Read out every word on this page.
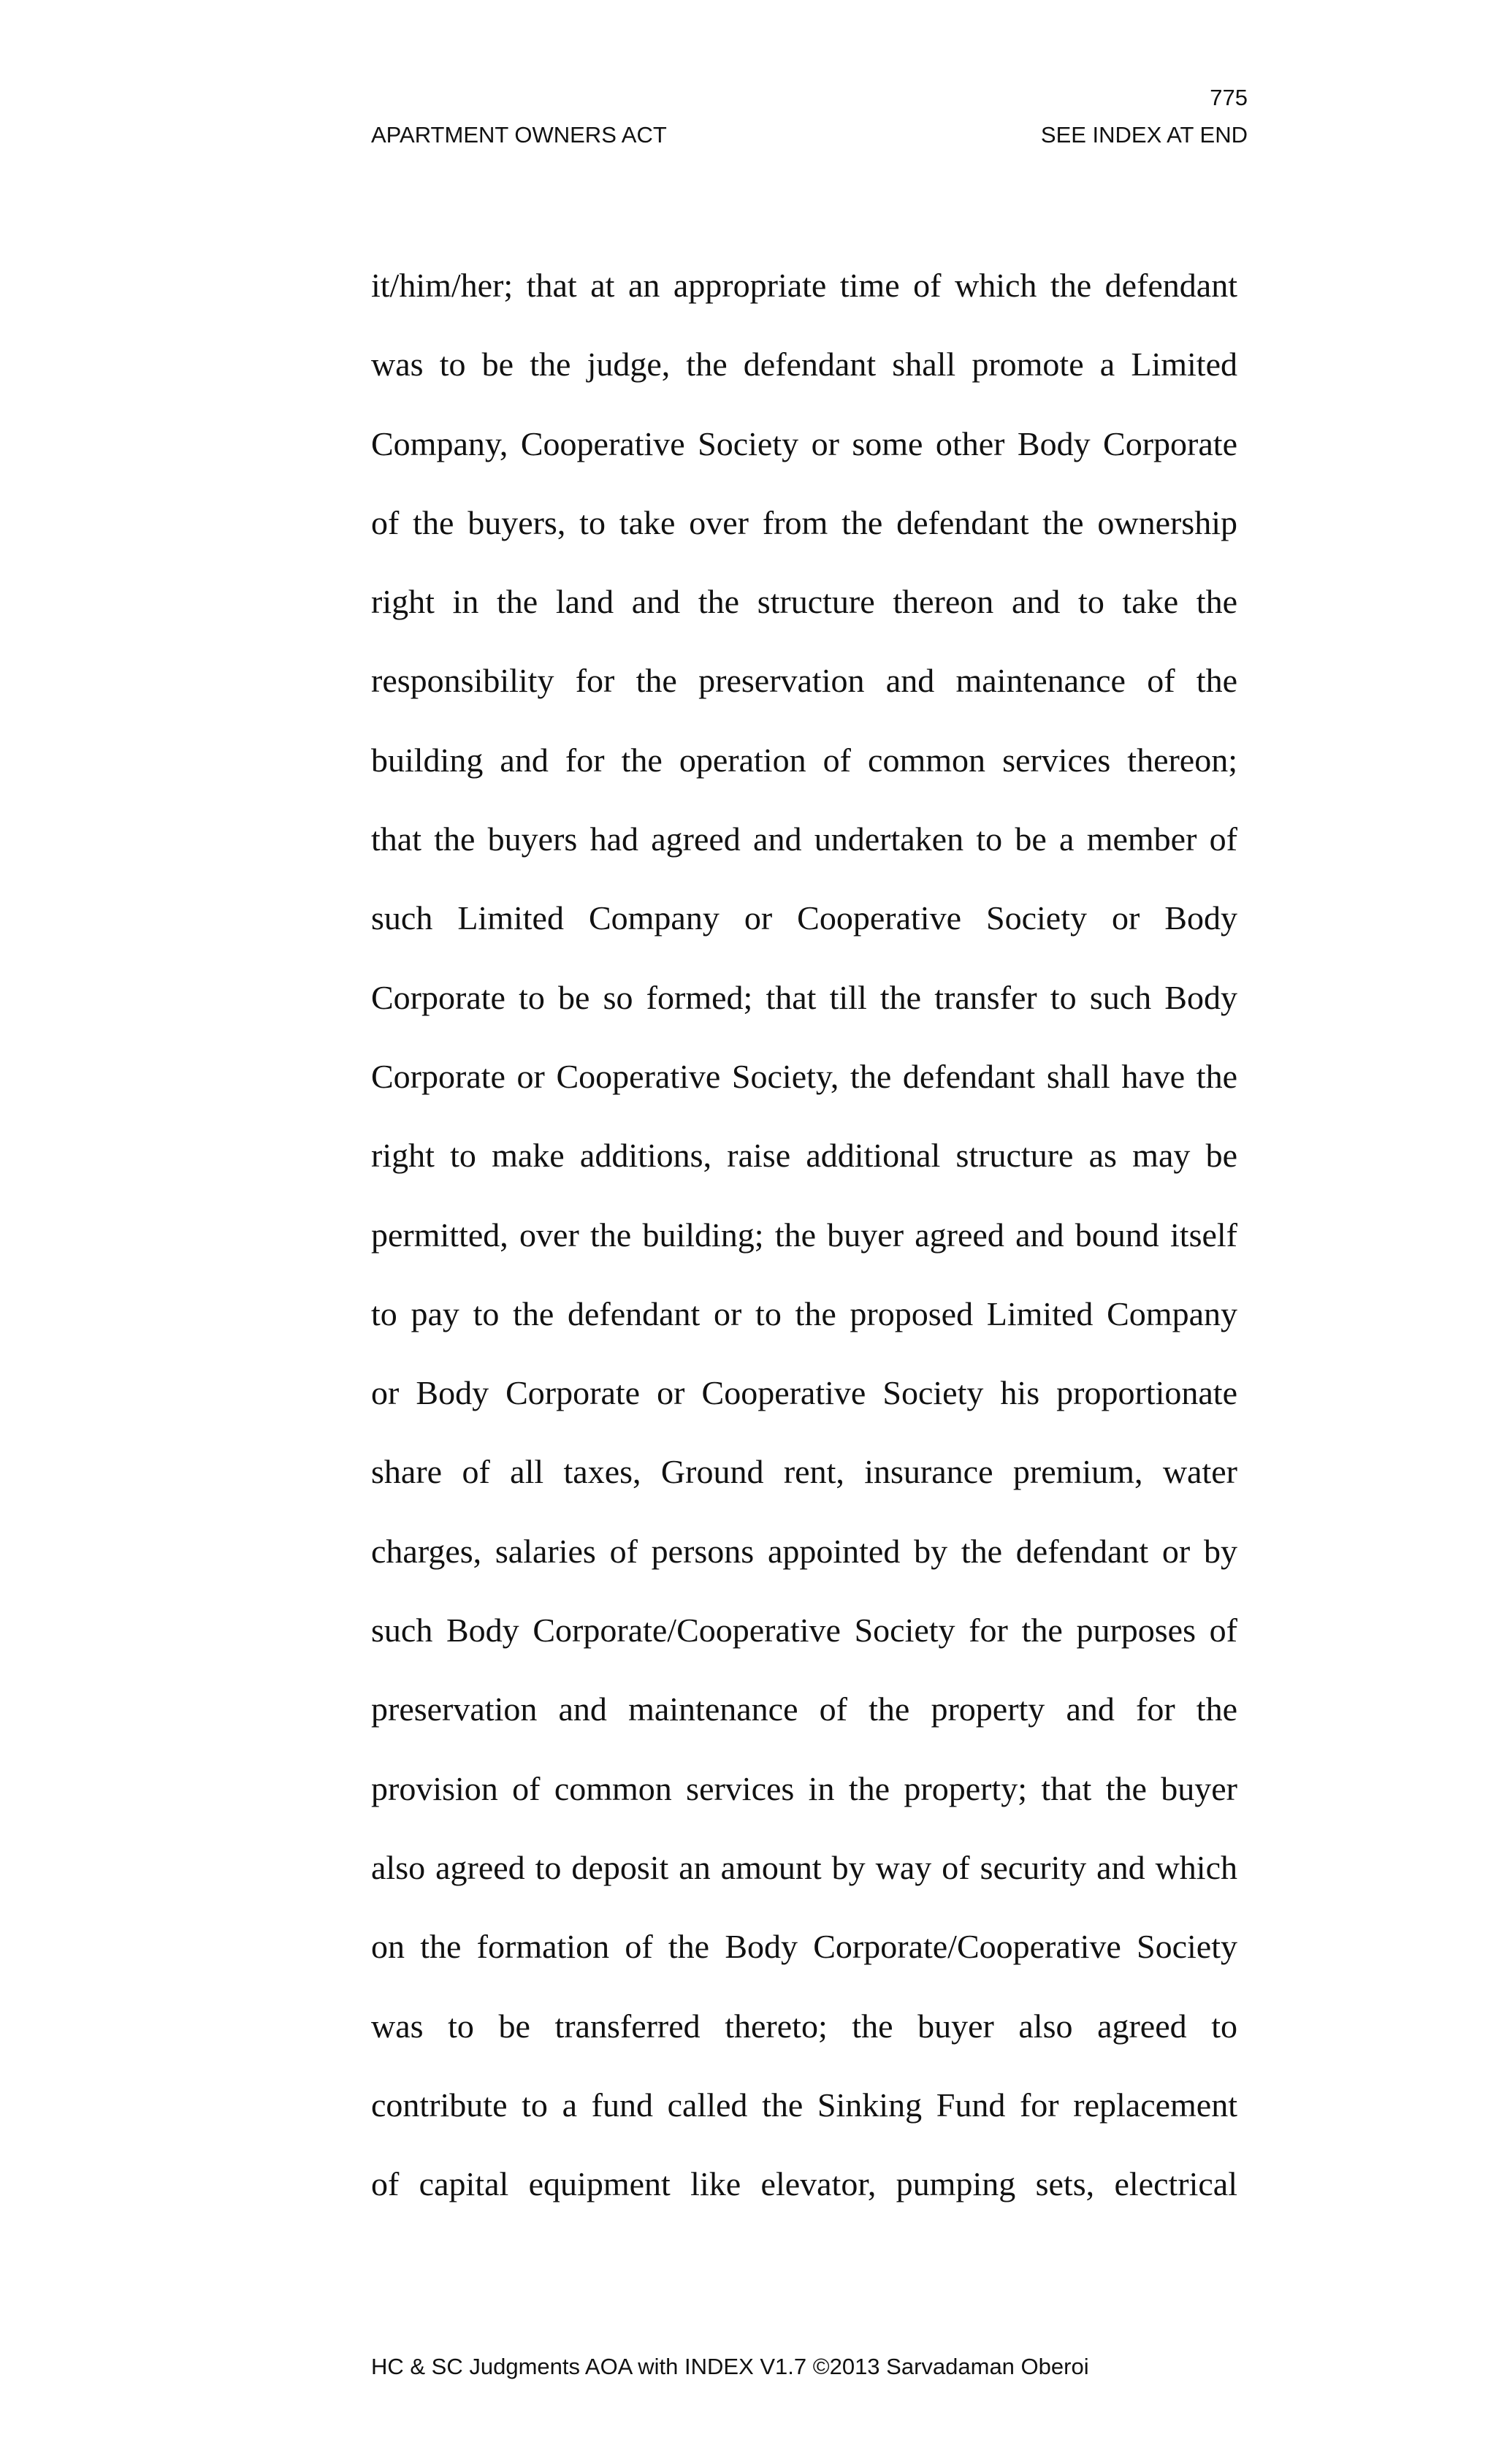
775
APARTMENT OWNERS ACT	SEE INDEX AT END
it/him/her; that at an appropriate time of which the defendant
was to be the judge, the defendant shall promote a Limited
Company, Cooperative Society or some other Body Corporate
of the buyers, to take over from the defendant the ownership
right in the land and the structure thereon and to take the
responsibility for the preservation and maintenance of the
building and for the operation of common services thereon;
that the buyers had agreed and undertaken to be a member of
such Limited Company or Cooperative Society or Body
Corporate to be so formed; that till the transfer to such Body
Corporate or Cooperative Society, the defendant shall have the
right to make additions, raise additional structure as may be
permitted, over the building; the buyer agreed and bound itself
to pay to the defendant or to the proposed Limited Company
or Body Corporate or Cooperative Society his proportionate
share of all taxes, Ground rent, insurance premium, water
charges, salaries of persons appointed by the defendant or by
such Body Corporate/Cooperative Society for the purposes of
preservation and maintenance of the property and for the
provision of common services in the property; that the buyer
also agreed to deposit an amount by way of security and which
on the formation of the Body Corporate/Cooperative Society
was to be transferred thereto; the buyer also agreed to
contribute to a fund called the Sinking Fund for replacement
of capital equipment like elevator, pumping sets, electrical
HC & SC Judgments AOA with INDEX V1.7 ©2013 Sarvadaman Oberoi
